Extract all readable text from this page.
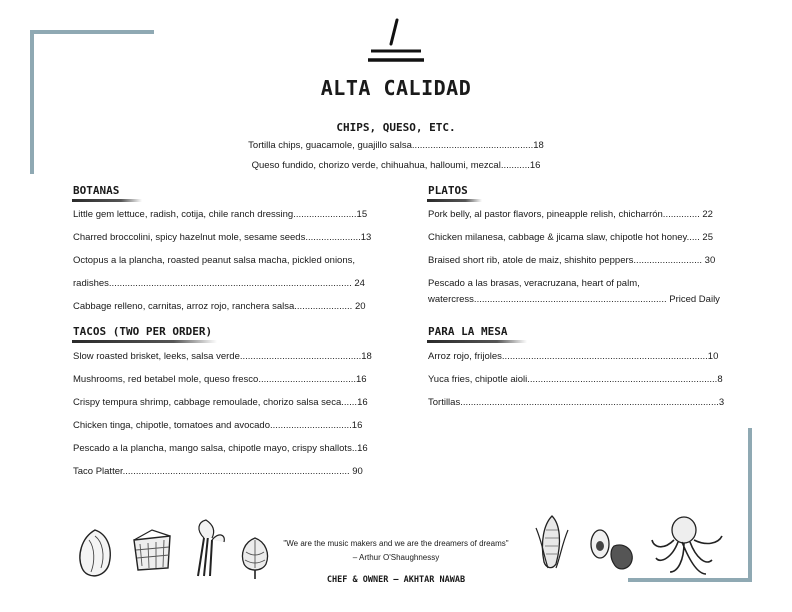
ALTA CALIDAD
CHIPS, QUESO, ETC.
Tortilla chips, guacamole, guajillo salsa..............................................18
Queso fundido, chorizo verde, chihuahua, halloumi, mezcal...........16
BOTANAS
Little gem lettuce, radish, cotija, chile ranch dressing........................15
Charred broccolini, spicy hazelnut mole, sesame seeds.....................13
Octopus a la plancha, roasted peanut salsa macha, pickled onions,
radishes............................................................................................ 24
Cabbage relleno, carnitas, arroz rojo, ranchera salsa...................... 20
TACOS (TWO PER ORDER)
Slow roasted brisket, leeks, salsa verde..............................................18
Mushrooms, red betabel mole, queso fresco.....................................16
Crispy tempura shrimp, cabbage remoulade, chorizo salsa seca......16
Chicken tinga, chipotle, tomatoes and avocado...............................16
Pescado a la plancha, mango salsa, chipotle mayo, crispy shallots..16
Taco Platter...................................................................................... 90
PLATOS
Pork belly, al pastor flavors, pineapple relish, chicharrón.............. 22
Chicken milanesa, cabbage & jicama slaw, chipotle hot honey..... 25
Braised short rib, atole de maiz, shishito peppers.......................... 30
Pescado a las brasas, veracruzana, heart of palm,
watercress......................................................................... Priced Daily
PARA LA MESA
Arroz rojo, frijoles..............................................................................10
Yuca fries, chipotle aioli........................................................................8
Tortillas..................................................................................................3
"We are the music makers and we are the dreamers of dreams"
– Arthur O'Shaughnessy
CHEF & OWNER – AKHTAR NAWAB
